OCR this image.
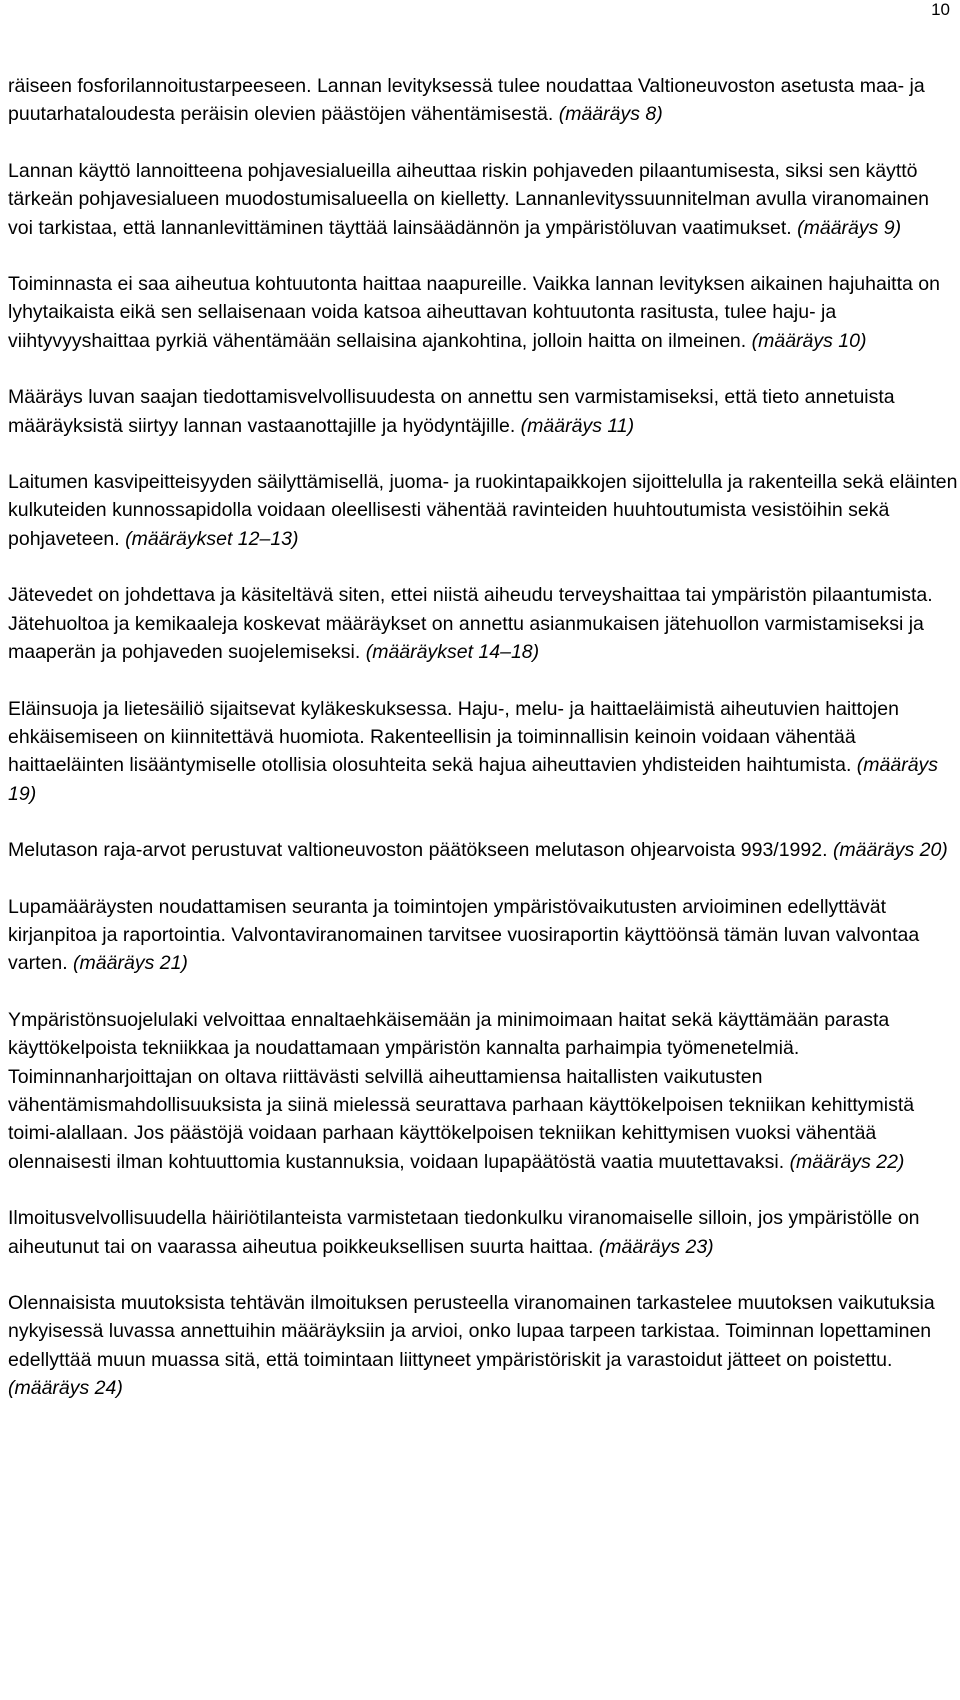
10

räiseen fosforilannoitustarpeeseen. Lannan levityksessä tulee noudattaa Valtioneuvoston asetusta maa- ja puutarhataloudesta peräisin olevien päästöjen vähentämisestä. (määräys 8)

Lannan käyttö lannoitteena pohjavesialueilla aiheuttaa riskin pohjaveden pilaantumisesta, siksi sen käyttö tärkeän pohjavesialueen muodostumisalueella on kielletty. Lannanlevityssuunnitelman avulla viranomainen voi tarkistaa, että lannanlevittäminen täyttää lainsäädännön ja ympäristöluvan vaatimukset. (määräys 9)

Toiminnasta ei saa aiheutua kohtuutonta haittaa naapureille. Vaikka lannan levityksen aikainen hajuhaitta on lyhytaikaista eikä sen sellaisenaan voida katsoa aiheuttavan kohtuutonta rasitusta, tulee haju- ja viihtyvyyshaittaa pyrkiä vähentämään sellaisina ajankohtina, jolloin haitta on ilmeinen. (määräys 10)

Määräys luvan saajan tiedottamisvelvollisuudesta on annettu sen varmistamiseksi, että tieto annetuista määräyksistä siirtyy lannan vastaanottajille ja hyödyntäjille. (määräys 11)

Laitumen kasvipeitteisyyden säilyttämisellä, juoma- ja ruokintapaikkojen sijoittelulla ja rakenteilla sekä eläinten kulkuteiden kunnossapidolla voidaan oleellisesti vähentää ravinteiden huuhtoutumista vesistöihin sekä pohjaveteen. (määräykset 12–13)

Jätevedet on johdettava ja käsiteltävä siten, ettei niistä aiheudu terveyshaittaa tai ympäristön pilaantumista. Jätehuoltoa ja kemikaaleja koskevat määräykset on annettu asianmukaisen jätehuollon varmistamiseksi ja maaperän ja pohjaveden suojelemiseksi. (määräykset 14–18)

Eläinsuoja ja lietesäiliö sijaitsevat kyläkeskuksessa. Haju-, melu- ja haittaeläimistä aiheutuvien haittojen ehkäisemiseen on kiinnitettävä huomiota. Rakenteellisin ja toiminnallisin keinoin voidaan vähentää haittaeläinten lisääntymiselle otollisia olosuhteita sekä hajua aiheuttavien yhdisteiden haihtumista. (määräys 19)

Melutason raja-arvot perustuvat valtioneuvoston päätökseen melutason ohjearvoista 993/1992. (määräys 20)

Lupamääräysten noudattamisen seuranta ja toimintojen ympäristövaikutusten arvioiminen edellyttävät kirjanpitoa ja raportointia. Valvontaviranomainen tarvitsee vuosiraportin käyttöönsä tämän luvan valvontaa varten. (määräys 21)

Ympäristönsuojelulaki velvoittaa ennaltaehkäisemään ja minimoimaan haitat sekä käyttämään parasta käyttökelpoista tekniikkaa ja noudattamaan ympäristön kannalta parhaimpia työmenetelmiä. Toiminnanharjoittajan on oltava riittävästi selvillä aiheuttamiensa haitallisten vaikutusten vähentämismahdollisuuksista ja siinä mielessä seurattava parhaan käyttökelpoisen tekniikan kehittymistä toimi-alallaan. Jos päästöjä voidaan parhaan käyttökelpoisen tekniikan kehittymisen vuoksi vähentää olennaisesti ilman kohtuuttomia kustannuksia, voidaan lupapäätöstä vaatia muutettavaksi. (määräys 22)

Ilmoitusvelvollisuudella häiriötilanteista varmistetaan tiedonkulku viranomaiselle silloin, jos ympäristölle on aiheutunut tai on vaarassa aiheutua poikkeuksellisen suurta haittaa. (määräys 23)

Olennaisista muutoksista tehtävän ilmoituksen perusteella viranomainen tarkastelee muutoksen vaikutuksia nykyisessä luvassa annettuihin määräyksiin ja arvioi, onko lupaa tarpeen tarkistaa. Toiminnan lopettaminen edellyttää muun muassa sitä, että toimintaan liittyneet ympäristöriskit ja varastoidut jätteet on poistettu. (määräys 24)
